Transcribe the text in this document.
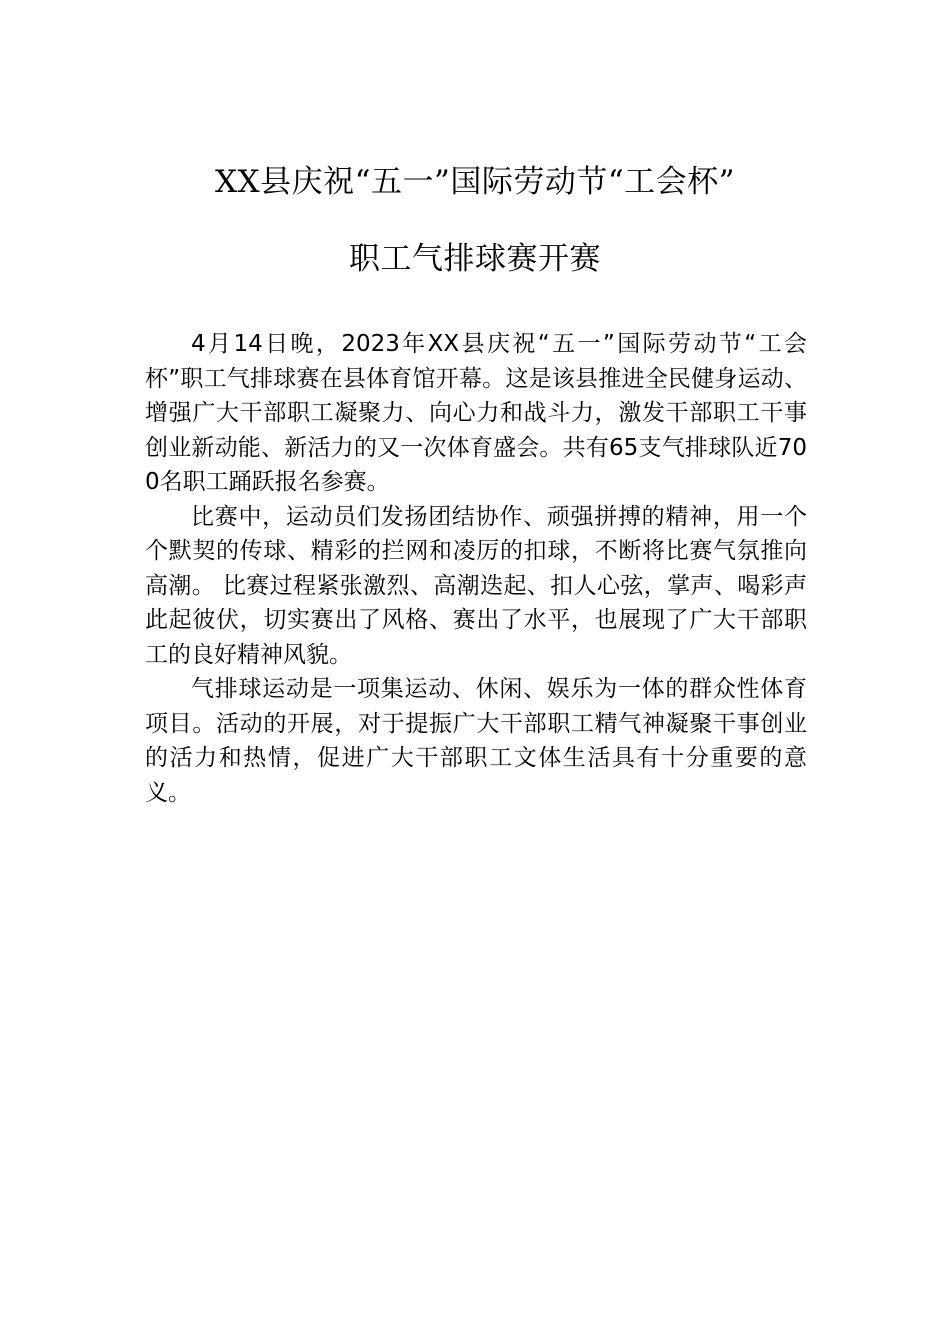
XX县庆祝“五一”国际劳动节“工会杯”
职工气排球赛开赛

4月14日晚，2023年XX县庆祝“五一”国际劳动节“工会杯”职工气排球赛在县体育馆开幕。这是该县推进全民健身运动、增强广大干部职工凝聚力、向心力和战斗力，激发干部职工干事创业新动能、新活力的又一次体育盛会。共有65支气排球队近700名职工踊跃报名参赛。

比赛中，运动员们发扬团结协作、顽强拼搏的精神，用一个个默契的传球、精彩的拦网和凌厉的扣球，不断将比赛气氛推向高潮。 比赛过程紧张激烈、高潮迭起、扣人心弦，掌声、喝彩声此起彼伏，切实赛出了风格、赛出了水平，也展现了广大干部职工的良好精神风貌。

气排球运动是一项集运动、休闲、娱乐为一体的群众性体育项目。活动的开展，对于提振广大干部职工精气神凝聚干事创业的活力和热情，促进广大干部职工文体生活具有十分重要的意义。
